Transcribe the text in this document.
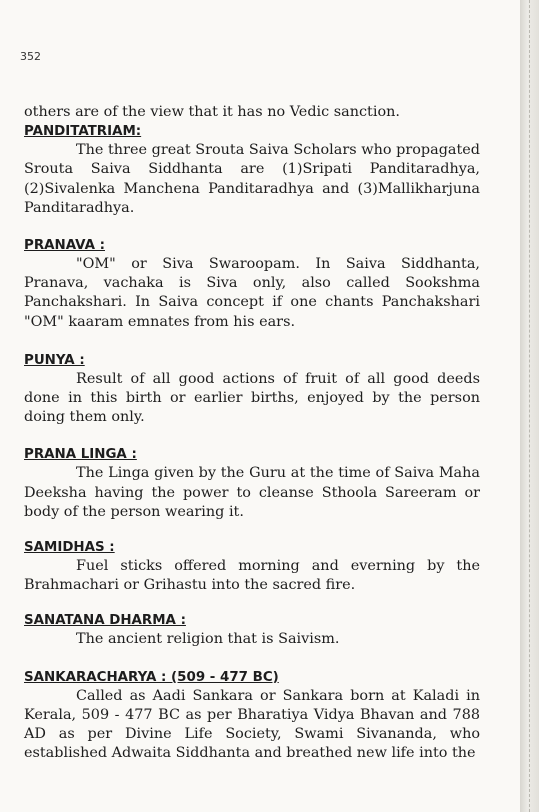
352

others are of the view that it has no Vedic sanction.

PANDITATRIAM:

The three great Srouta Saiva Scholars who propagated Srouta Saiva Siddhanta are (1)Sripati Panditaradhya, (2)Sivalenka Manchena Panditaradhya and (3)Mallikharjuna Panditaradhya.

PRANAVA :

"OM" or Siva Swaroopam. In Saiva Siddhanta, Pranava, vachaka is Siva only, also called Sookshma Panchakshari. In Saiva concept if one chants Panchakshari "OM" kaaram emnates from his ears.

PUNYA :

Result of all good actions of fruit of all good deeds done in this birth or earlier births, enjoyed by the person doing them only.

PRANA LINGA :

The Linga given by the Guru at the time of Saiva Maha Deeksha having the power to cleanse Sthoola Sareeram or body of the person wearing it.

SAMIDHAS :

Fuel sticks offered morning and everning by the Brahmachari or Grihastu into the sacred fire.

SANATANA DHARMA :

The ancient religion that is Saivism.

SANKARACHARYA : (509 - 477 BC)

Called as Aadi Sankara or Sankara born at Kaladi in Kerala, 509 - 477 BC as per Bharatiya Vidya Bhavan and 788 AD as per Divine Life Society, Swami Sivananda, who established Adwaita Siddhanta and breathed new life into the
